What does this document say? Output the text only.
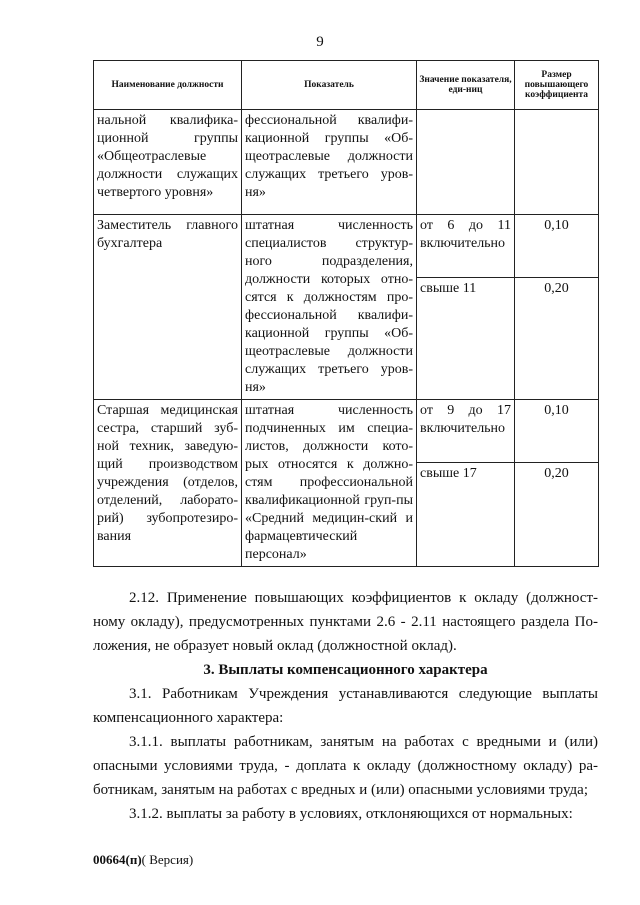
9
Наименование должности	Показатель	Значение показателя, еди-ниц	Размер повышающего коэффициента
нальной квалифика-ционной группы «Общеотраслевые должности служащих четвертого уровня»	фессиональной квалифи-кационной группы «Об-щеотраслевые должности служащих третьего уров-ня»		
Заместитель главного бухгалтера	штатная численность специалистов структур-ного подразделения, должности которых отно-сятся к должностям про-фессиональной квалифи-кационной группы «Об-щеотраслевые должности служащих третьего уров-ня»	от 6 до 11 включительно	0,10
		свыше 11	0,20
Старшая медицинская сестра, старший зуб-ной техник, заведую-щий производством учреждения (отделов, отделений, лаборато-рий) зубопротезиро-вания	штатная численность подчиненных им специа-листов, должности кото-рых относятся к должно-стям профессиональной квалификационной груп-пы «Средний медицин-ский и фармацевтический персонал»	от 9 до 17 включительно	0,10
		свыше 17	0,20

2.12. Применение повышающих коэффициентов к окладу (должност-ному окладу), предусмотренных пунктами 2.6 - 2.11 настоящего раздела По-ложения, не образует новый оклад (должностной оклад).

3. Выплаты компенсационного характера

3.1. Работникам Учреждения устанавливаются следующие выплаты компенсационного характера:

3.1.1. выплаты работникам, занятым на работах с вредными и (или) опасными условиями труда, - доплата к окладу (должностному окладу) ра-ботникам, занятым на работах с вредных и (или) опасными условиями труда;

3.1.2. выплаты за работу в условиях, отклоняющихся от нормальных:

00664(п)( Версия)
